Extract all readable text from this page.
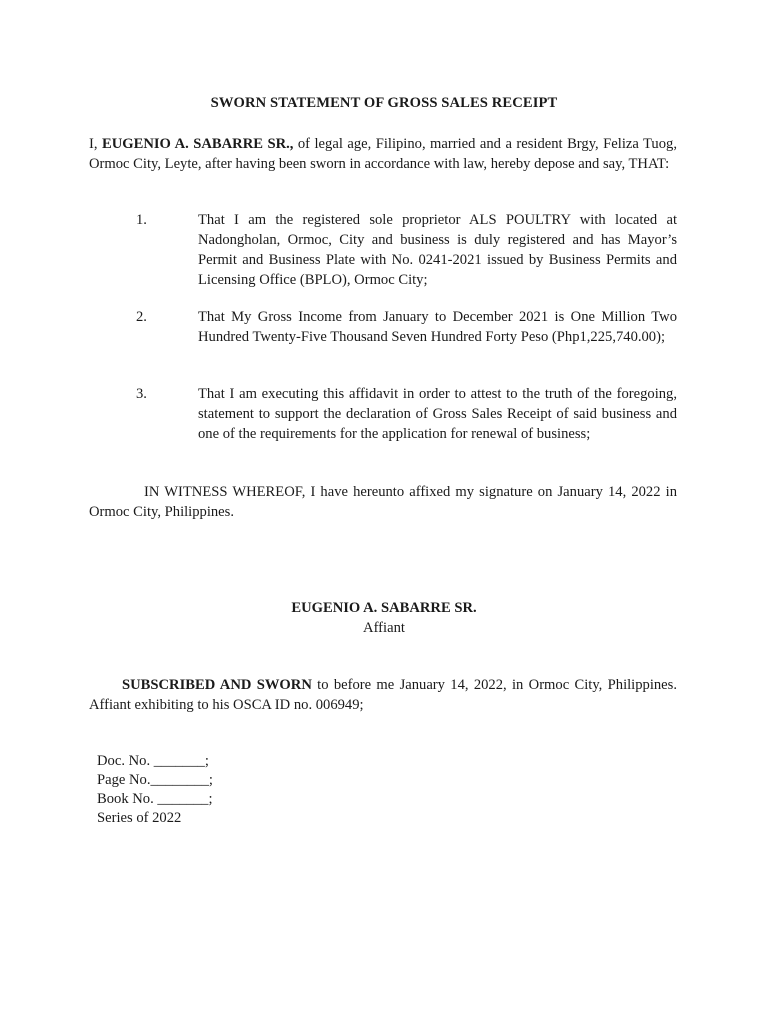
SWORN STATEMENT OF GROSS SALES RECEIPT
I, EUGENIO A. SABARRE SR., of legal age, Filipino, married and a resident Brgy, Feliza Tuog, Ormoc City, Leyte, after having been sworn in accordance with law, hereby depose and say, THAT:
1.	That I am the registered sole proprietor ALS POULTRY with located at Nadongholan, Ormoc, City and business is duly registered and has Mayor’s Permit and Business Plate with No. 0241-2021 issued by Business Permits and Licensing Office (BPLO), Ormoc City;
2.	That My Gross Income from January to December 2021 is One Million Two Hundred Twenty-Five Thousand Seven Hundred Forty Peso (Php1,225,740.00);
3.	That I am executing this affidavit in order to attest to the truth of the foregoing, statement to support the declaration of Gross Sales Receipt of said business and one of the requirements for the application for renewal of business;
IN WITNESS WHEREOF, I have hereunto affixed my signature on January 14, 2022 in Ormoc City, Philippines.
EUGENIO A. SABARRE SR.
Affiant
SUBSCRIBED AND SWORN to before me January 14, 2022, in Ormoc City, Philippines. Affiant exhibiting to his OSCA ID no. 006949;
Doc. No. _______;
Page No.________;
Book No. _______;
Series of 2022
